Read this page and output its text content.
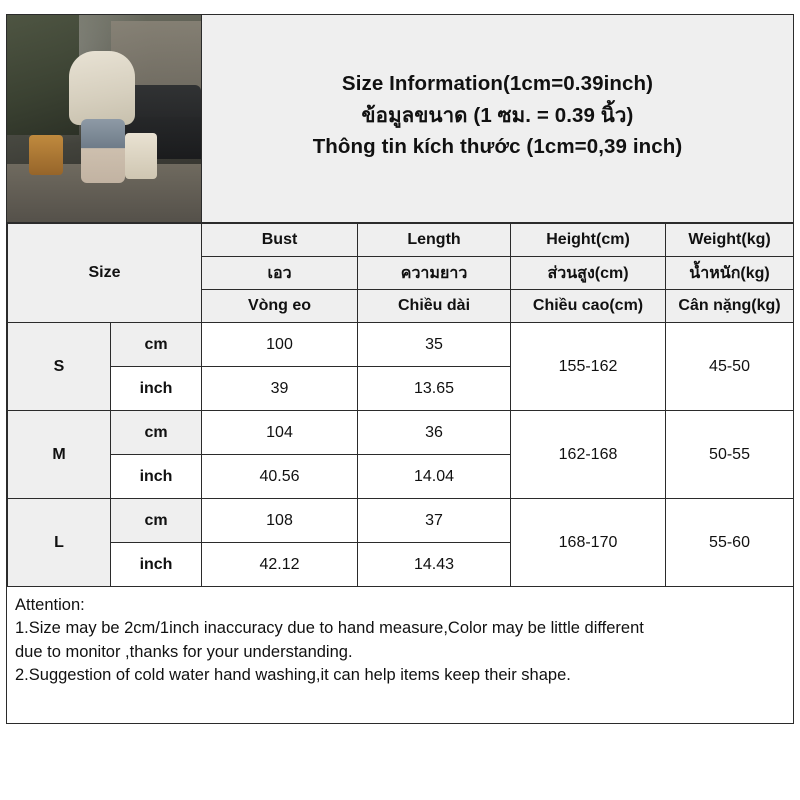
Size Information(1cm=0.39inch)
ข้อมูลขนาด (1 ซม. = 0.39 นิ้ว)
Thông tin kích thước (1cm=0,39 inch)
Size		Bust	Length	Height(cm)	Weight(kg)
		เอว	ความยาว	ส่วนสูง(cm)	น้ำหนัก(kg)
		Vòng eo	Chiều dài	Chiều cao(cm)	Cân nặng(kg)
S	cm	100	35	155-162	45-50
	inch	39	13.65		
M	cm	104	36	162-168	50-55
	inch	40.56	14.04		
L	cm	108	37	168-170	55-60
	inch	42.12	14.43		
Attention:
1.Size may be 2cm/1inch inaccuracy due to hand measure,Color may be little different
due to monitor ,thanks for your understanding.
2.Suggestion of cold water hand washing,it can help items keep their shape.
